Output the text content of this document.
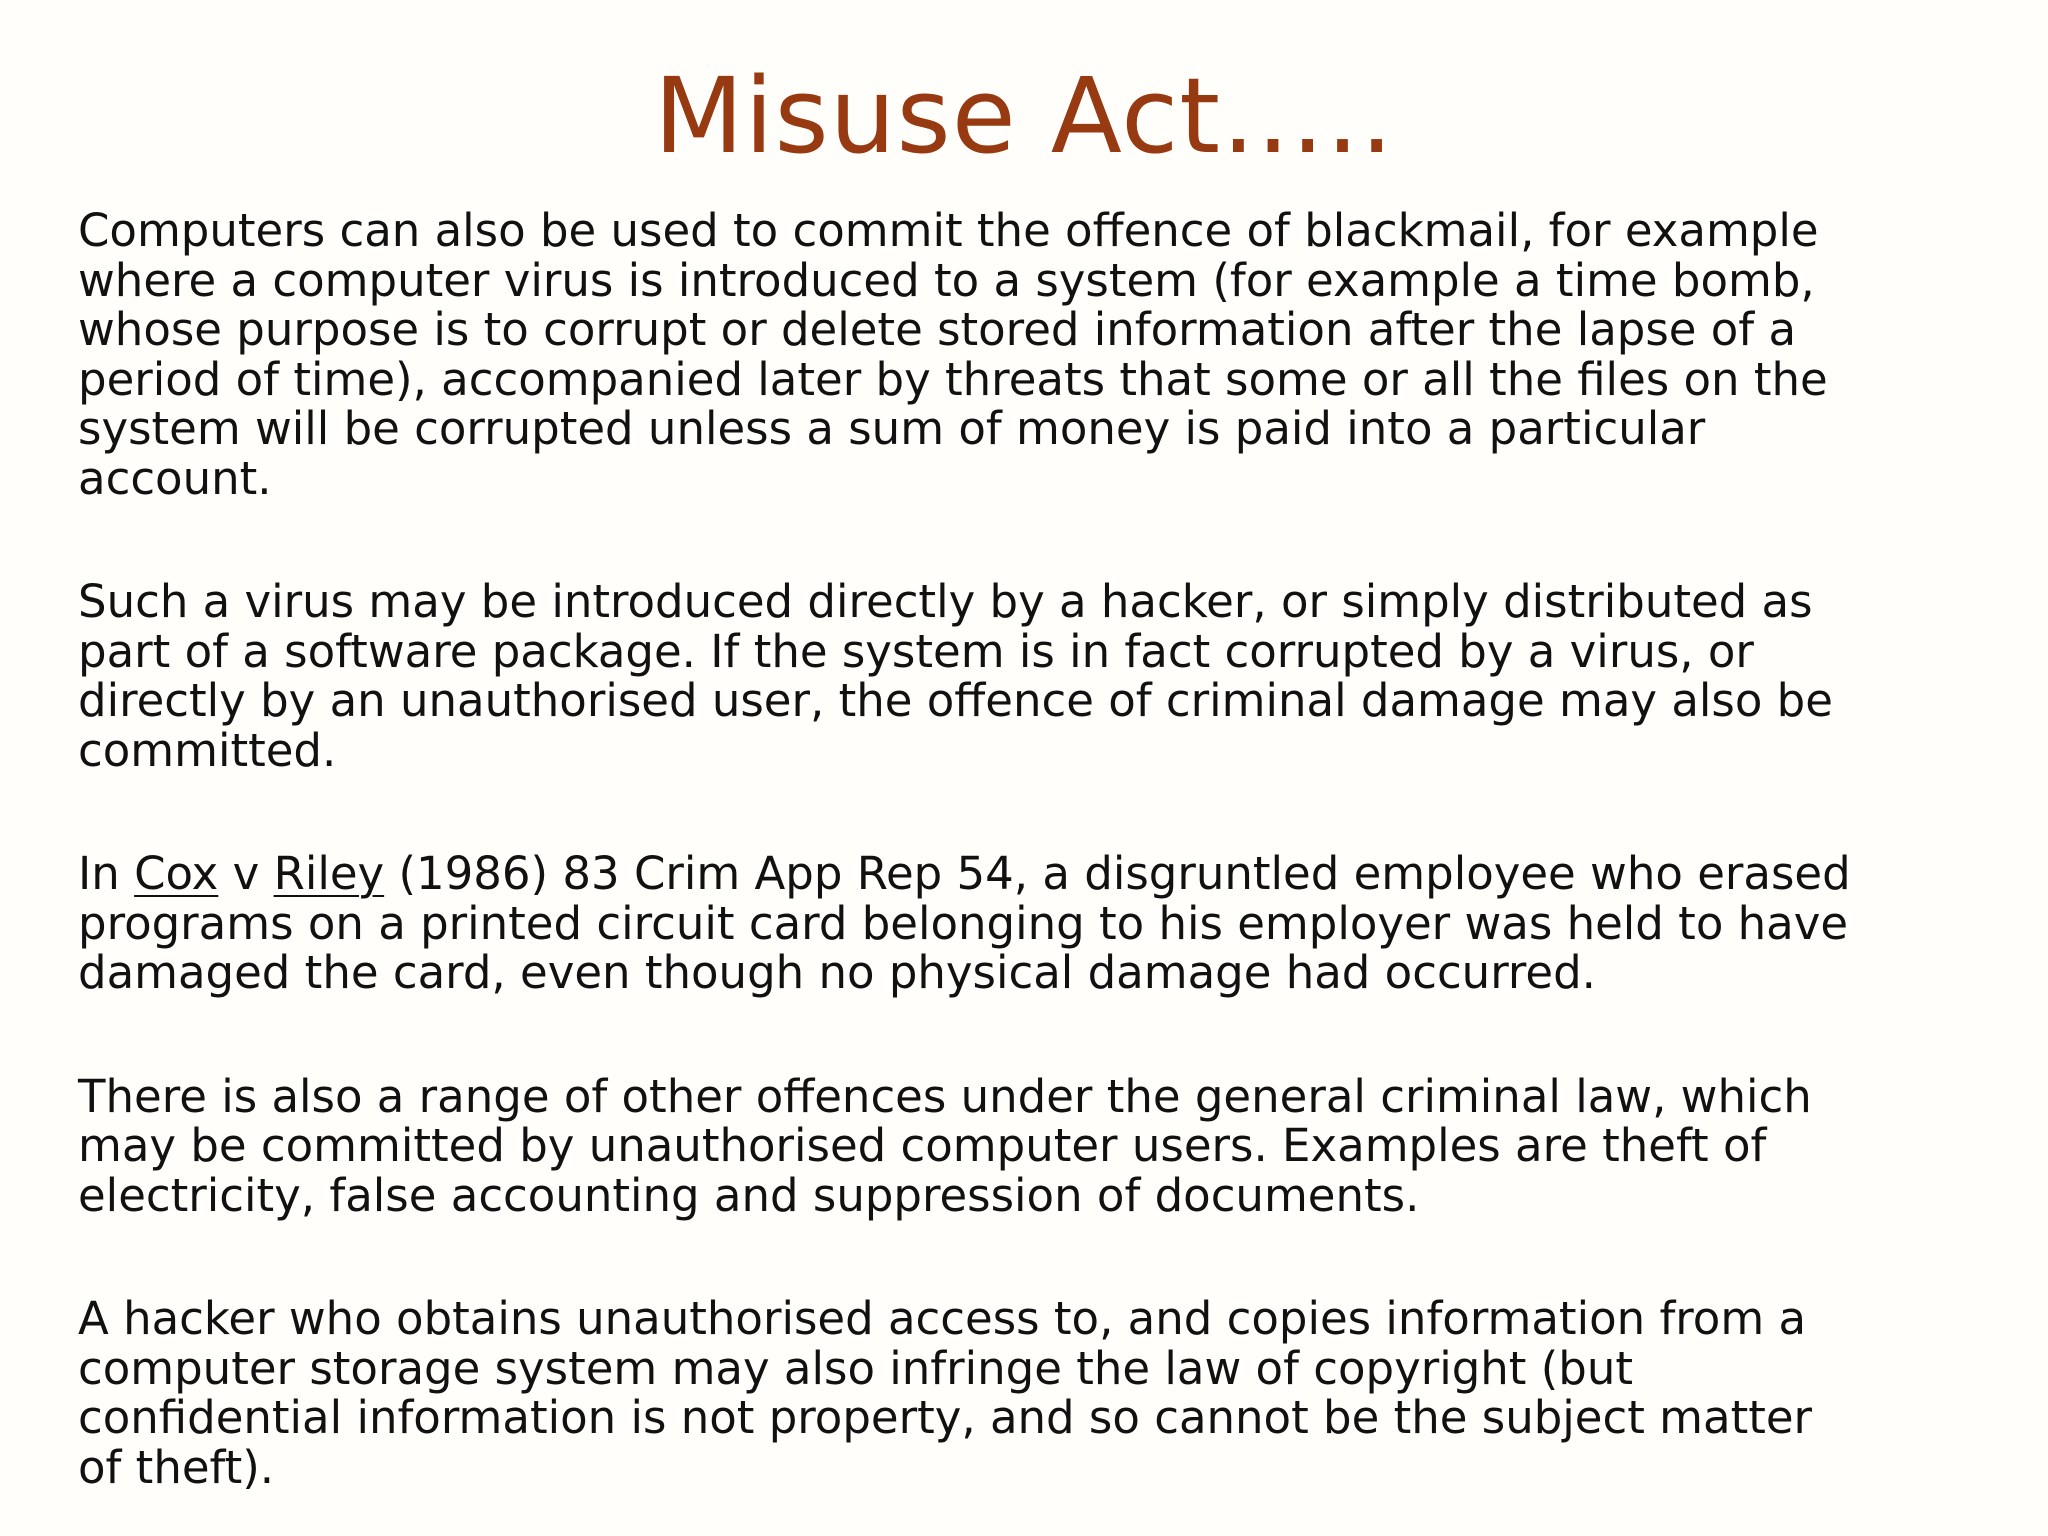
Misuse Act…..

Computers can also be used to commit the offence of blackmail, for example
where a computer virus is introduced to a system (for example a time bomb,
whose purpose is to corrupt or delete stored information after the lapse of a
period of time), accompanied later by threats that some or all the files on the
system will be corrupted unless a sum of money is paid into a particular
account.

Such a virus may be introduced directly by a hacker, or simply distributed as
part of a software package. If the system is in fact corrupted by a virus, or
directly by an unauthorised user, the offence of criminal damage may also be
committed.

In Cox v Riley (1986) 83 Crim App Rep 54, a disgruntled employee who erased
programs on a printed circuit card belonging to his employer was held to have
damaged the card, even though no physical damage had occurred.

There is also a range of other offences under the general criminal law, which
may be committed by unauthorised computer users. Examples are theft of
electricity, false accounting and suppression of documents.

A hacker who obtains unauthorised access to, and copies information from a
computer storage system may also infringe the law of copyright (but
confidential information is not property, and so cannot be the subject matter
of theft).
